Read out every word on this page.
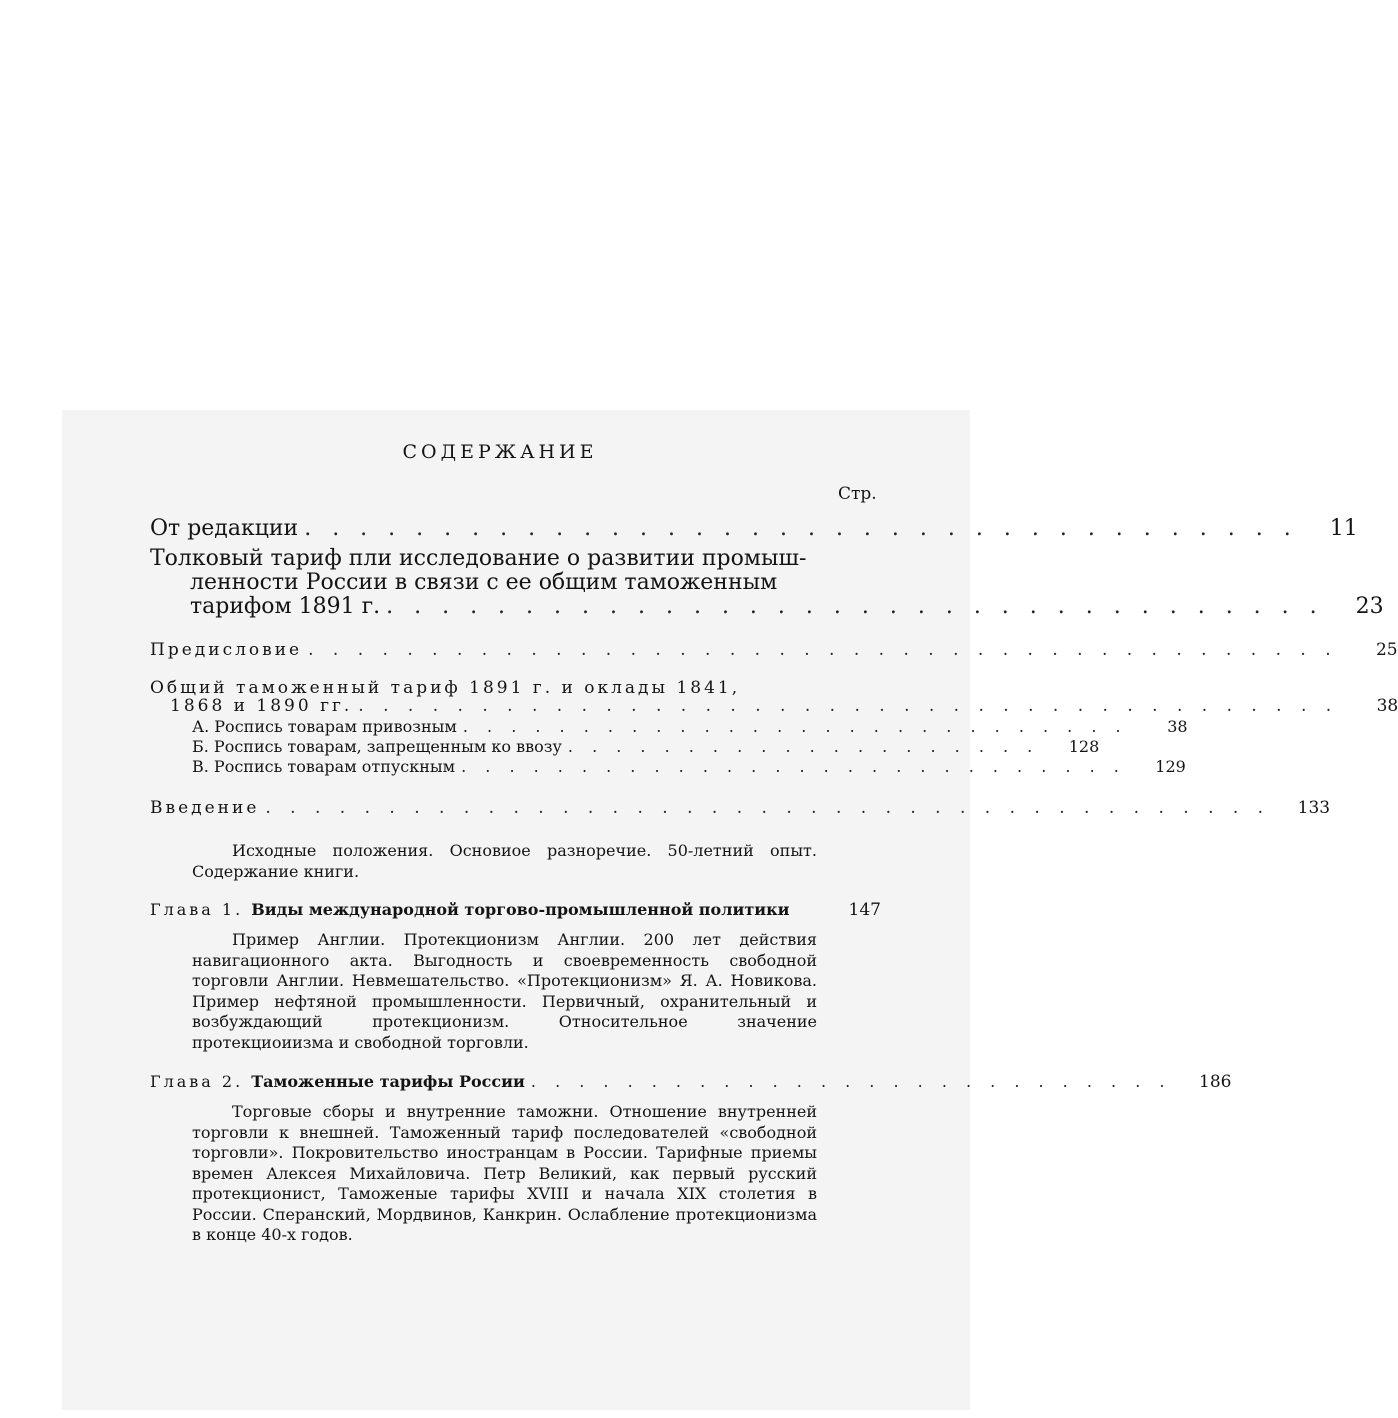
СОДЕРЖАНИЕ
Стр.
От редакции . . . . . . . . . . . . . . . . . . . . . . . . . . . . . . . . . . . .	11
Толковый тариф пли исследование о развитии промыш-
ленности России в связи с ее общим таможенным
тарифом 1891 г. . . . . . . . . . . . . . . . . . . . . . . . . . . . . . . . . . .	23
Предисловие . . . . . . . . . . . . . . . . . . . . . . . . . . . . . . . . . . . . . . . . . .	25
Общий таможенный тариф 1891 г. и оклады 1841,
1868 и 1890 гг. . . . . . . . . . . . . . . . . . . . . . . . . . . . . . . . . . . . . . . . .	38
А. Роспись товарам привозным . . . . . . . . . . . . . . . . . . . . . . . . . . . .	38
Б. Роспись товарам, запрещенным ко ввозу . . . . . . . . . . . . . . . . . . . .	128
В. Роспись товарам отпускным . . . . . . . . . . . . . . . . . . . . . . . . . . . .	129
Введение . . . . . . . . . . . . . . . . . . . . . . . . . . . . . . . . . . . . . . . . .	133
Исходные положения. Основиое разноречие. 50-летний опыт. Содержание книги.
Глава 1. Виды международной торгово-промышленной политики	147
Пример Англии. Протекционизм Англии. 200 лет действия навигационного акта. Выгодность и своевременность свободной торговли Англии. Невмешательство. «Протекционизм» Я. А. Новикова. Пример нефтяной промышленности. Первичный, охранительный и возбуждающий протекционизм. Относительное значение протекциоиизма и свободной торговли.
Глава 2. Таможенные тарифы России . . . . . . . . . . . . . . . . . . . . . . . . . . .	186
Торговые сборы и внутренние таможни. Отношение внутренней торговли к внешней. Таможенный тариф последователей «свободной торговли». Покровительство иностранцам в России. Тарифные приемы времен Алексея Михайловича. Петр Великий, как первый русский протекционист, Таможеные тарифы XVIII и начала XIX столетия в России. Сперанский, Мордвинов, Канкрин. Ослабление протекционизма в конце 40-х годов.
